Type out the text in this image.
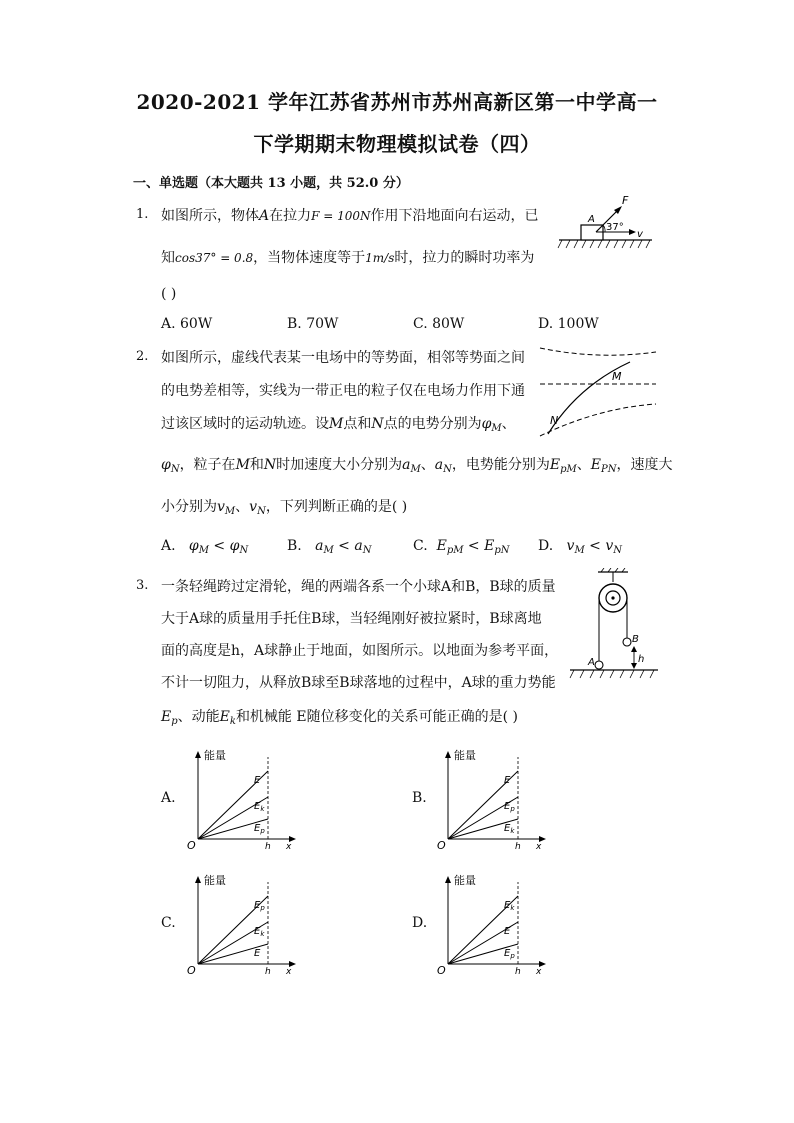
2020-2021 学年江苏省苏州市苏州高新区第一中学高一
下学期期末物理模拟试卷（四）
一、单选题（本大题共 13 小题，共 52.0 分）
1. 如图所示，物体A在拉力F = 100N作用下沿地面向右运动，已
知cos37° = 0.8，当物体速度等于1m/s时，拉力的瞬时功率为
( )
A. 60W	B. 70W	C. 80W	D. 100W
A
F
37°
v
2. 如图所示，虚线代表某一电场中的等势面，相邻等势面之间
的电势差相等，实线为一带正电的粒子仅在电场力作用下通
过该区域时的运动轨迹。设M点和N点的电势分别为$\varphi_M$、
$\varphi_N$，粒子在M和N时加速度大小分别为$a_M$、$a_N$，电势能分别为$E_{pM}$、$E_{PN}$，速度大
小分别为$v_M$、$v_N$，下列判断正确的是( )
A. $\varphi_M < \varphi_N$	B. $a_M < a_N$	C. $E_{pM} < E_{pN}$ D. $v_M < v_N$
M
N
3. 一条轻绳跨过定滑轮，绳的两端各系一个小球A和B，B球的质量
大于A球的质量用手托住B球，当轻绳刚好被拉紧时，B球离地
面的高度是h，A球静止于地面，如图所示。以地面为参考平面，
不计一切阻力，从释放B球至B球落地的过程中，A球的重力势能
$E_p$、动能$E_k$和机械能 E随位移变化的关系可能正确的是( )
A
B
h
A.	B.
C.	D.
E
$E_k$
$E_p$
能量
O	h x
E
$E_p$
$E_k$
能量
O	h x
$E_p$
$E_k$
E
能量
O	h x
$E_k$
E
$E_p$
能量
O	h x
